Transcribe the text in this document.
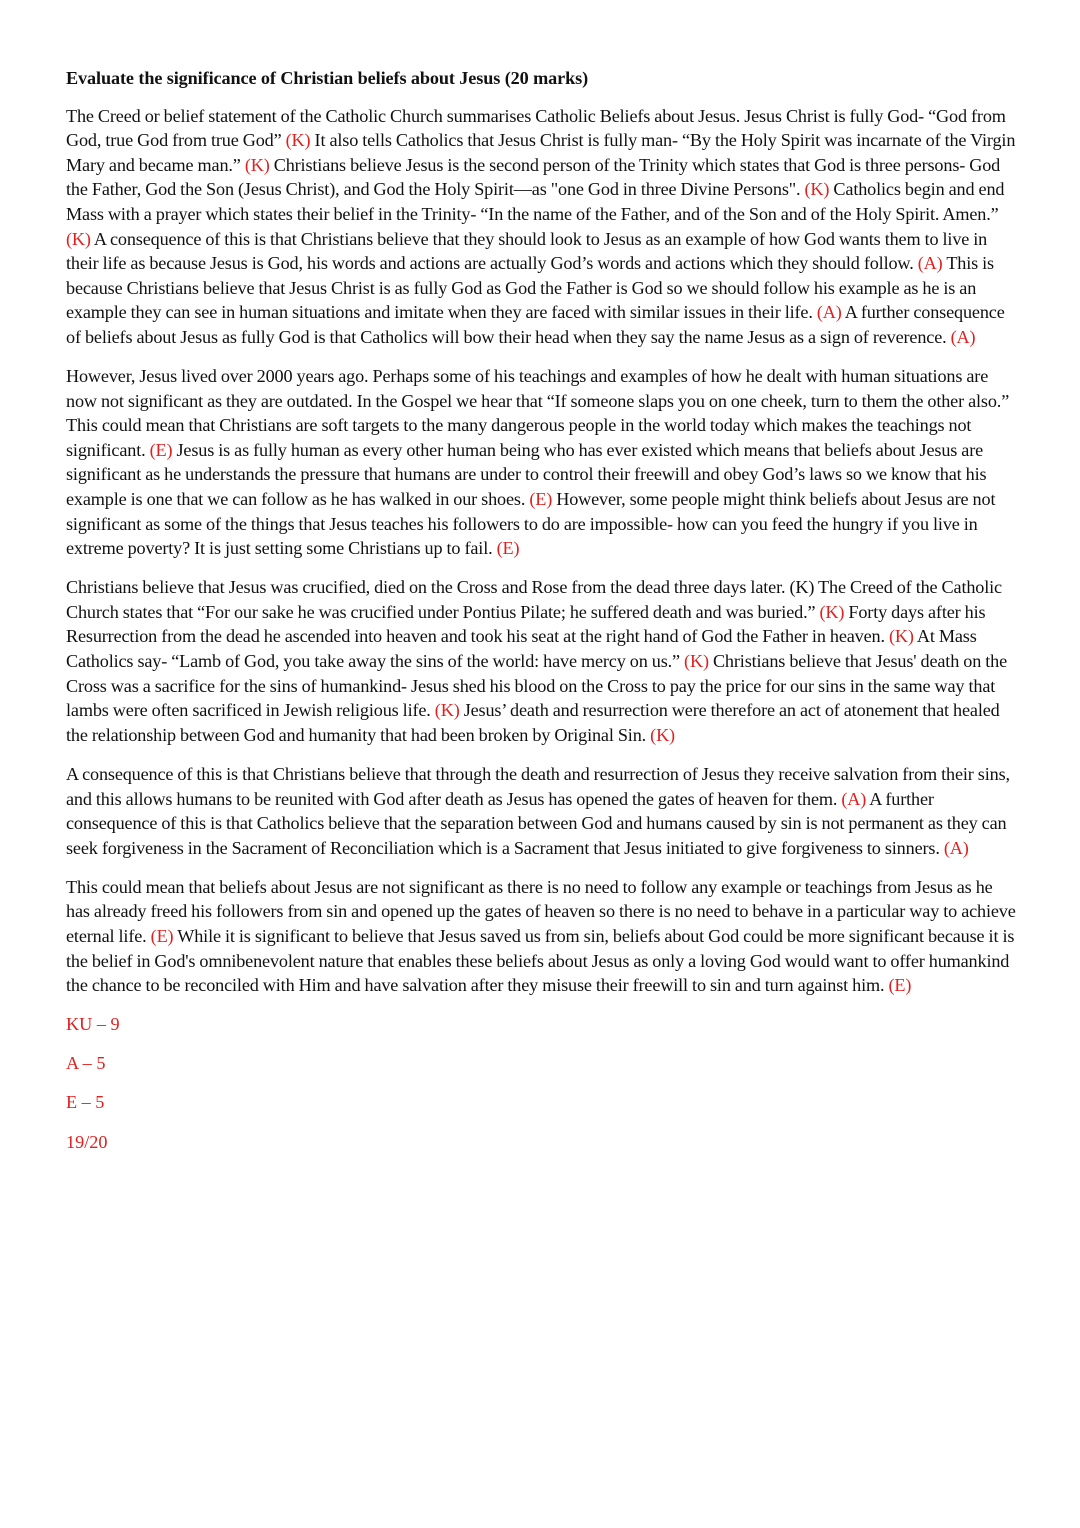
Evaluate the significance of Christian beliefs about Jesus (20 marks)

The Creed or belief statement of the Catholic Church summarises Catholic Beliefs about Jesus. Jesus Christ is fully God- “God from God, true God from true God” (K) It also tells Catholics that Jesus Christ is fully man- “By the Holy Spirit was incarnate of the Virgin Mary and became man.” (K) Christians believe Jesus is the second person of the Trinity which states that God is three persons- God the Father, God the Son (Jesus Christ), and God the Holy Spirit—as "one God in three Divine Persons". (K) Catholics begin and end Mass with a prayer which states their belief in the Trinity- “In the name of the Father, and of the Son and of the Holy Spirit. Amen.” (K) A consequence of this is that Christians believe that they should look to Jesus as an example of how God wants them to live in their life as because Jesus is God, his words and actions are actually God’s words and actions which they should follow. (A) This is because Christians believe that Jesus Christ is as fully God as God the Father is God so we should follow his example as he is an example they can see in human situations and imitate when they are faced with similar issues in their life. (A) A further consequence of beliefs about Jesus as fully God is that Catholics will bow their head when they say the name Jesus as a sign of reverence. (A)

However, Jesus lived over 2000 years ago. Perhaps some of his teachings and examples of how he dealt with human situations are now not significant as they are outdated. In the Gospel we hear that “If someone slaps you on one cheek, turn to them the other also.” This could mean that Christians are soft targets to the many dangerous people in the world today which makes the teachings not significant. (E) Jesus is as fully human as every other human being who has ever existed which means that beliefs about Jesus are significant as he understands the pressure that humans are under to control their freewill and obey God’s laws so we know that his example is one that we can follow as he has walked in our shoes. (E) However, some people might think beliefs about Jesus are not significant as some of the things that Jesus teaches his followers to do are impossible- how can you feed the hungry if you live in extreme poverty? It is just setting some Christians up to fail. (E)

Christians believe that Jesus was crucified, died on the Cross and Rose from the dead three days later. (K) The Creed of the Catholic Church states that “For our sake he was crucified under Pontius Pilate; he suffered death and was buried.” (K) Forty days after his Resurrection from the dead he ascended into heaven and took his seat at the right hand of God the Father in heaven. (K) At Mass Catholics say- “Lamb of God, you take away the sins of the world: have mercy on us.” (K) Christians believe that Jesus' death on the Cross was a sacrifice for the sins of humankind- Jesus shed his blood on the Cross to pay the price for our sins in the same way that lambs were often sacrificed in Jewish religious life. (K) Jesus’ death and resurrection were therefore an act of atonement that healed the relationship between God and humanity that had been broken by Original Sin. (K)

A consequence of this is that Christians believe that through the death and resurrection of Jesus they receive salvation from their sins, and this allows humans to be reunited with God after death as Jesus has opened the gates of heaven for them. (A) A further consequence of this is that Catholics believe that the separation between God and humans caused by sin is not permanent as they can seek forgiveness in the Sacrament of Reconciliation which is a Sacrament that Jesus initiated to give forgiveness to sinners. (A)

This could mean that beliefs about Jesus are not significant as there is no need to follow any example or teachings from Jesus as he has already freed his followers from sin and opened up the gates of heaven so there is no need to behave in a particular way to achieve eternal life. (E) While it is significant to believe that Jesus saved us from sin, beliefs about God could be more significant because it is the belief in God's omnibenevolent nature that enables these beliefs about Jesus as only a loving God would want to offer humankind the chance to be reconciled with Him and have salvation after they misuse their freewill to sin and turn against him. (E)

KU – 9
A – 5
E – 5
19/20
